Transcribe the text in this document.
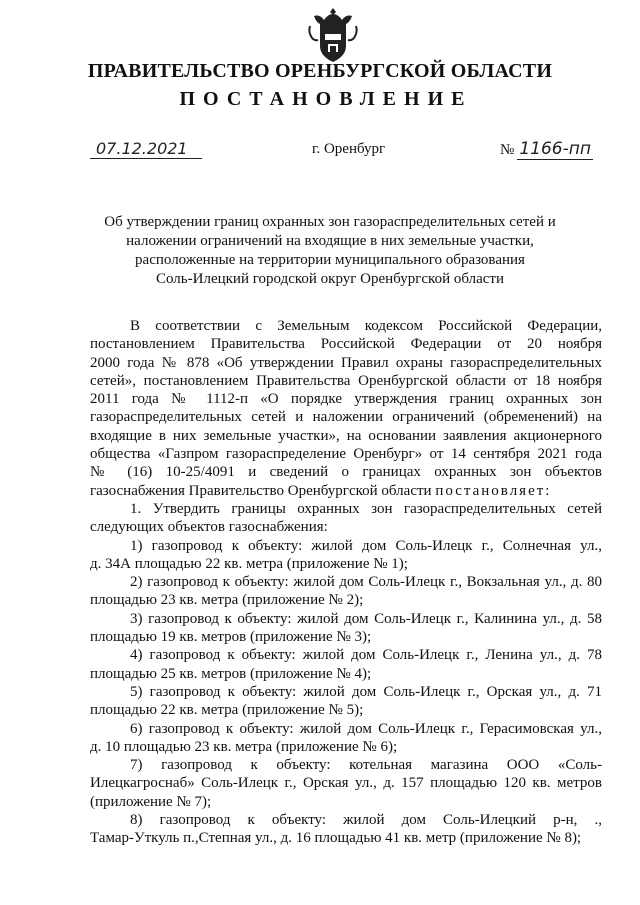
ПРАВИТЕЛЬСТВО ОРЕНБУРГСКОЙ ОБЛАСТИ
ПОСТАНОВЛЕНИЕ
07.12.2021	г. Оренбург	№ 1166-пп
Об утверждении границ охранных зон газораспределительных сетей и
наложении ограничений на входящие в них земельные участки,
расположенные на территории муниципального образования
Соль-Илецкий городской округ Оренбургской области

В соответствии с Земельным кодексом Российской Федерации,

постановлением Правительства Российской Федерации от 20 ноября

2000 года № 878 «Об утверждении Правил охраны газораспределительных

сетей», постановлением Правительства Оренбургской области от 18 ноября

2011 года № 1112-п «О порядке утверждения границ охранных зон

газораспределительных сетей и наложении ограничений (обременений) на

входящие в них земельные участки», на основании заявления акционерного

общества «Газпром газораспределение Оренбург» от 14 сентября 2021 года

№ (16) 10-25/4091 и сведений о границах охранных зон объектов

газоснабжения Правительство Оренбургской области постановляет:

1. Утвердить границы охранных зон газораспределительных сетей

следующих объектов газоснабжения:

1) газопровод к объекту: жилой дом Соль-Илецк г., Солнечная ул.,

д. 34А площадью 22 кв. метра (приложение № 1);

2) газопровод к объекту: жилой дом Соль-Илецк г., Вокзальная ул., д. 80

площадью 23 кв. метра (приложение № 2);

3) газопровод к объекту: жилой дом Соль-Илецк г., Калинина ул., д. 58

площадью 19 кв. метров (приложение № 3);

4) газопровод к объекту: жилой дом Соль-Илецк г., Ленина ул., д. 78

площадью 25 кв. метров (приложение № 4);

5) газопровод к объекту: жилой дом Соль-Илецк г., Орская ул., д. 71

площадью 22 кв. метра (приложение № 5);

6) газопровод к объекту: жилой дом Соль-Илецк г., Герасимовская ул.,

д. 10 площадью 23 кв. метра (приложение № 6);

7) газопровод к объекту: котельная магазина ООО «Соль-

Илецкагроснаб» Соль-Илецк г., Орская ул., д. 157 площадью 120 кв. метров

(приложение № 7);

8) газопровод к объекту: жилой дом Соль-Илецкий р-н, .,

Тамар-Уткуль п.,Степная ул., д. 16 площадью 41 кв. метр (приложение № 8);
